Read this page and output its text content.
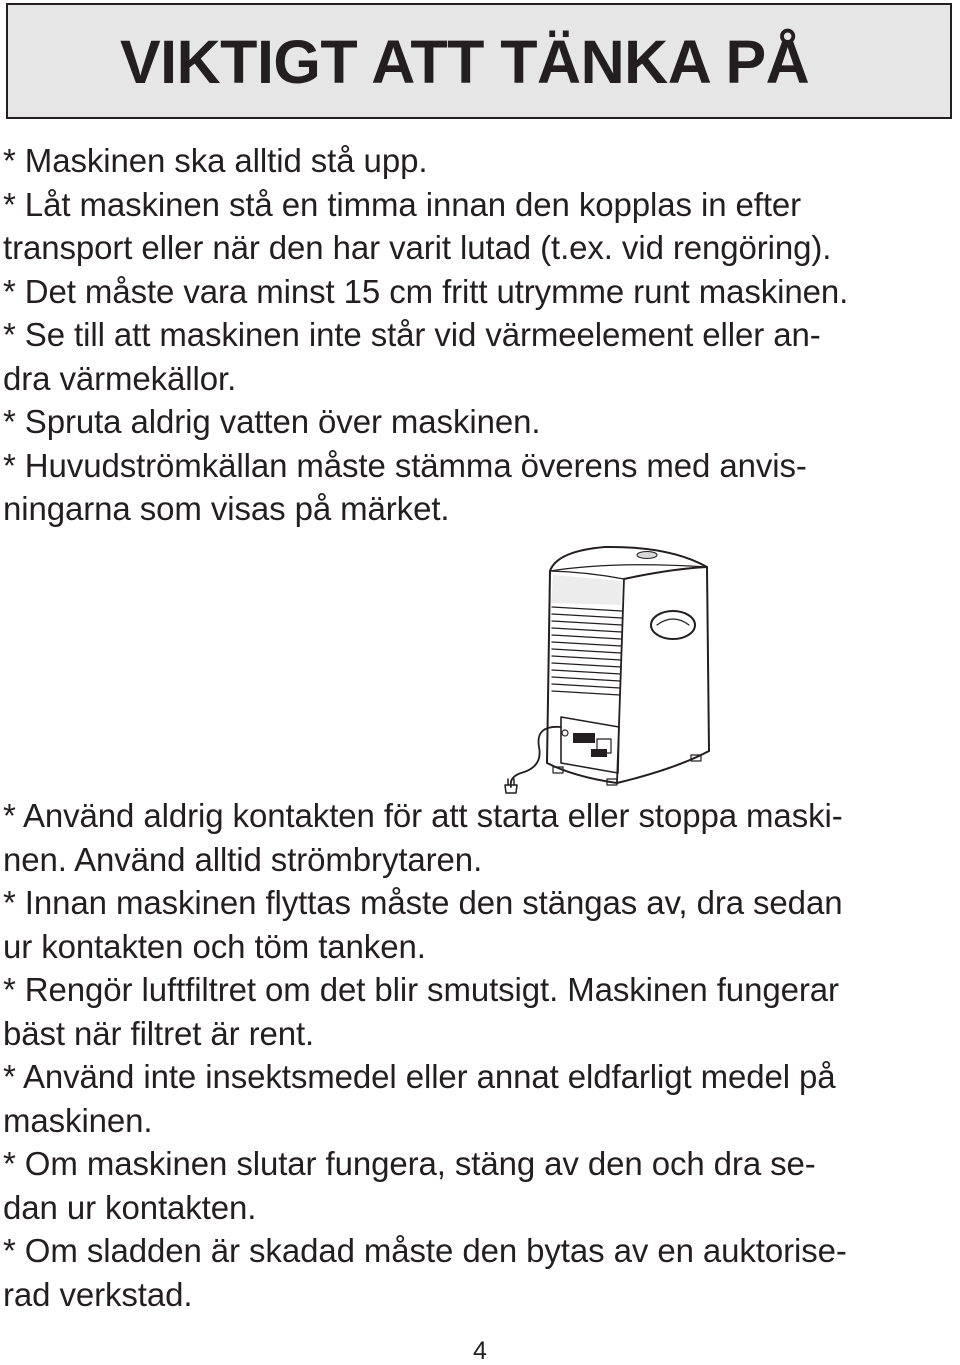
VIKTIGT ATT TÄNKA PÅ
* Maskinen ska alltid stå upp.
* Låt maskinen stå en timma innan den kopplas in efter
transport eller när den har varit lutad (t.ex. vid rengöring).
* Det måste vara minst 15 cm fritt utrymme runt maskinen.
* Se till att maskinen inte står vid värmeelement eller an-
dra värmekällor.
* Spruta aldrig vatten över maskinen.
* Huvudströmkällan måste stämma överens med anvis-
ningarna som visas på märket.
* Använd aldrig kontakten för att starta eller stoppa maski-
nen. Använd alltid strömbrytaren.
* Innan maskinen flyttas måste den stängas av, dra sedan
ur kontakten och töm tanken.
* Rengör luftfiltret om det blir smutsigt. Maskinen fungerar
bäst när filtret är rent.
* Använd inte insektsmedel eller annat eldfarligt medel på
maskinen.
* Om maskinen slutar fungera, stäng av den och dra se-
dan ur kontakten.
* Om sladden är skadad måste den bytas av en auktorise-
rad verkstad.
4
